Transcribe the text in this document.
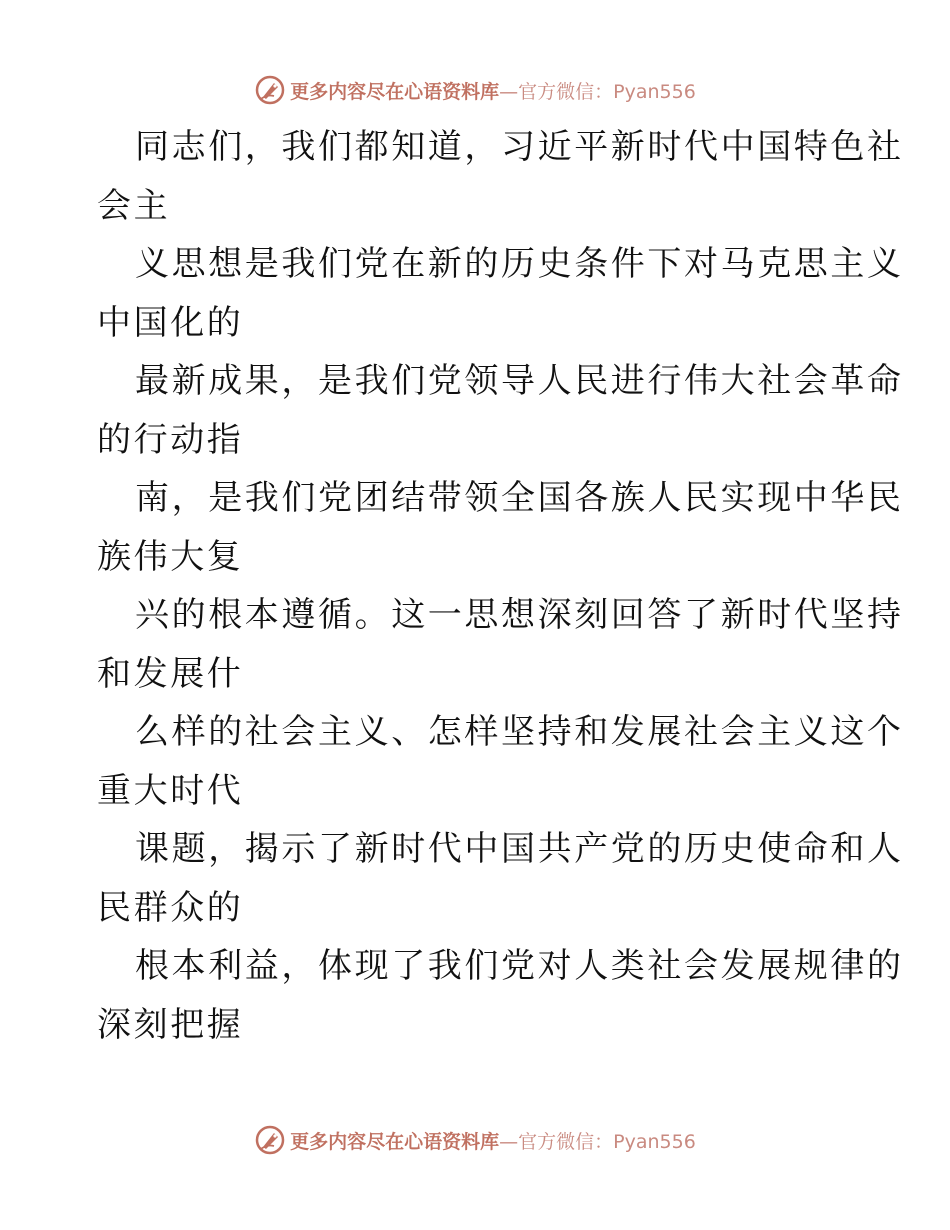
更多内容尽在心语资料库—官方微信：Pyan556
同志们，我们都知道，习近平新时代中国特色社
会主
义思想是我们党在新的历史条件下对马克思主义
中国化的
最新成果，是我们党领导人民进行伟大社会革命
的行动指
南，是我们党团结带领全国各族人民实现中华民
族伟大复
兴的根本遵循。这一思想深刻回答了新时代坚持
和发展什
么样的社会主义、怎样坚持和发展社会主义这个
重大时代
课题，揭示了新时代中国共产党的历史使命和人
民群众的
根本利益，体现了我们党对人类社会发展规律的
深刻把握
更多内容尽在心语资料库—官方微信：Pyan556
